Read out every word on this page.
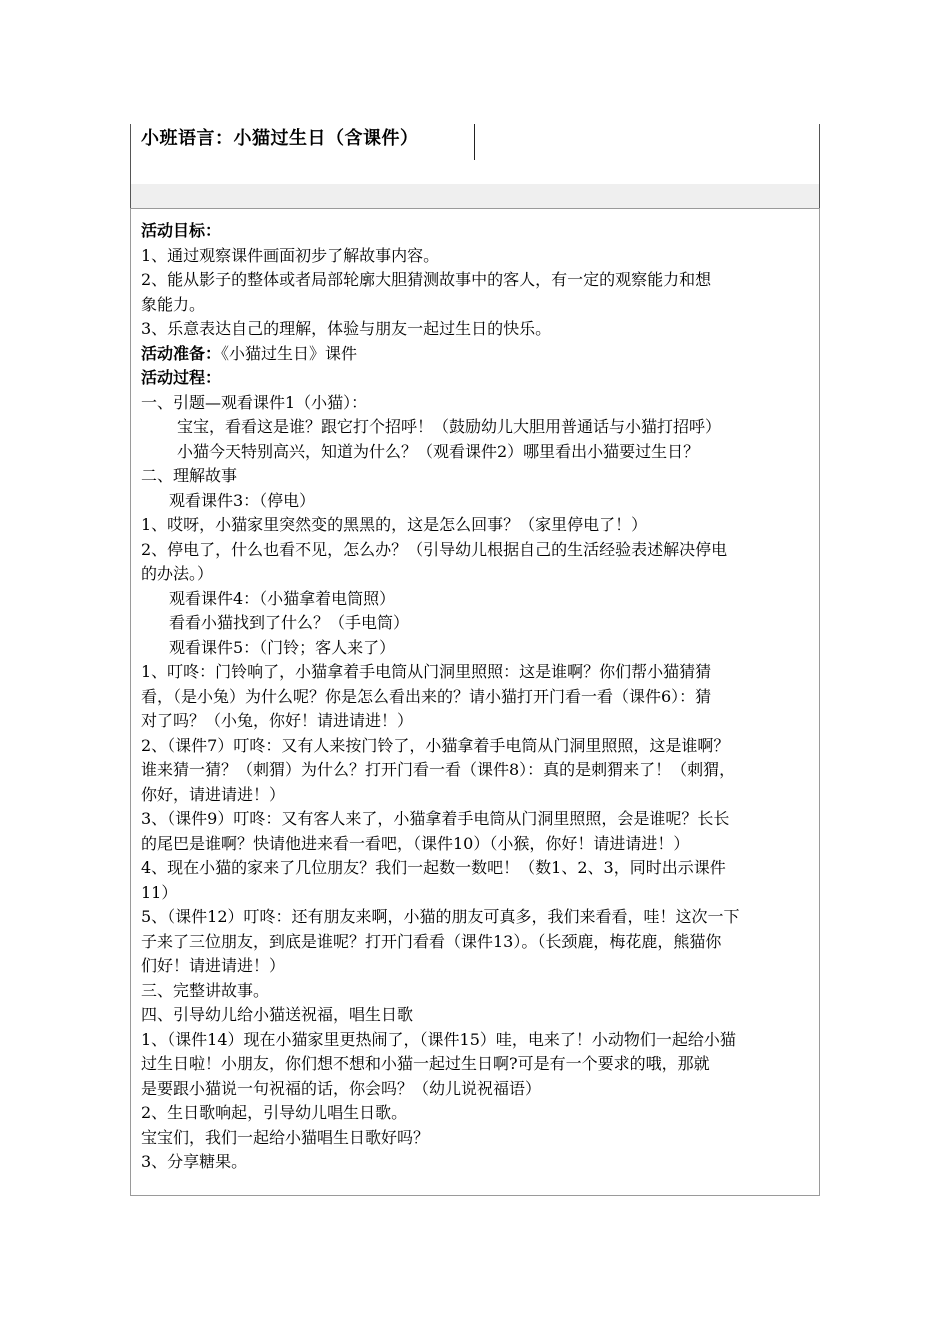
小班语言：小猫过生日（含课件）
活动目标：
1、通过观察课件画面初步了解故事内容。
2、能从影子的整体或者局部轮廓大胆猜测故事中的客人，有一定的观察能力和想
象能力。
3、乐意表达自己的理解，体验与朋友一起过生日的快乐。
活动准备：《小猫过生日》课件
活动过程：
一、引题—观看课件1（小猫）：
宝宝，看看这是谁？跟它打个招呼！（鼓励幼儿大胆用普通话与小猫打招呼）
小猫今天特别高兴，知道为什么？（观看课件2）哪里看出小猫要过生日？
二、理解故事
观看课件3：（停电）
1、哎呀，小猫家里突然变的黑黑的，这是怎么回事？（家里停电了！）
2、停电了，什么也看不见，怎么办？（引导幼儿根据自己的生活经验表述解决停电
的办法。）
观看课件4：（小猫拿着电筒照）
看看小猫找到了什么？（手电筒）
观看课件5：（门铃；客人来了）
1、叮咚：门铃响了，小猫拿着手电筒从门洞里照照：这是谁啊？你们帮小猫猜猜
看，（是小兔）为什么呢？你是怎么看出来的？请小猫打开门看一看（课件6）：猜
对了吗？（小兔，你好！请进请进！）
2、（课件7）叮咚：又有人来按门铃了，小猫拿着手电筒从门洞里照照，这是谁啊？
谁来猜一猜？（刺猬）为什么？打开门看一看（课件8）：真的是刺猬来了！（刺猬，
你好，请进请进！）
3、（课件9）叮咚：又有客人来了，小猫拿着手电筒从门洞里照照，会是谁呢？长长
的尾巴是谁啊？快请他进来看一看吧，（课件10）（小猴，你好！请进请进！）
4、现在小猫的家来了几位朋友？我们一起数一数吧！（数1、2、3，同时出示课件
11）
5、（课件12）叮咚：还有朋友来啊，小猫的朋友可真多，我们来看看，哇！这次一下
子来了三位朋友，到底是谁呢？打开门看看（课件13）。（长颈鹿，梅花鹿，熊猫你
们好！请进请进！）
三、完整讲故事。
四、引导幼儿给小猫送祝福，唱生日歌
1、（课件14）现在小猫家里更热闹了，（课件15）哇，电来了！小动物们一起给小猫
过生日啦！小朋友，你们想不想和小猫一起过生日啊?可是有一个要求的哦，那就
是要跟小猫说一句祝福的话，你会吗？（幼儿说祝福语）
2、生日歌响起，引导幼儿唱生日歌。
宝宝们，我们一起给小猫唱生日歌好吗？
3、分享糖果。
